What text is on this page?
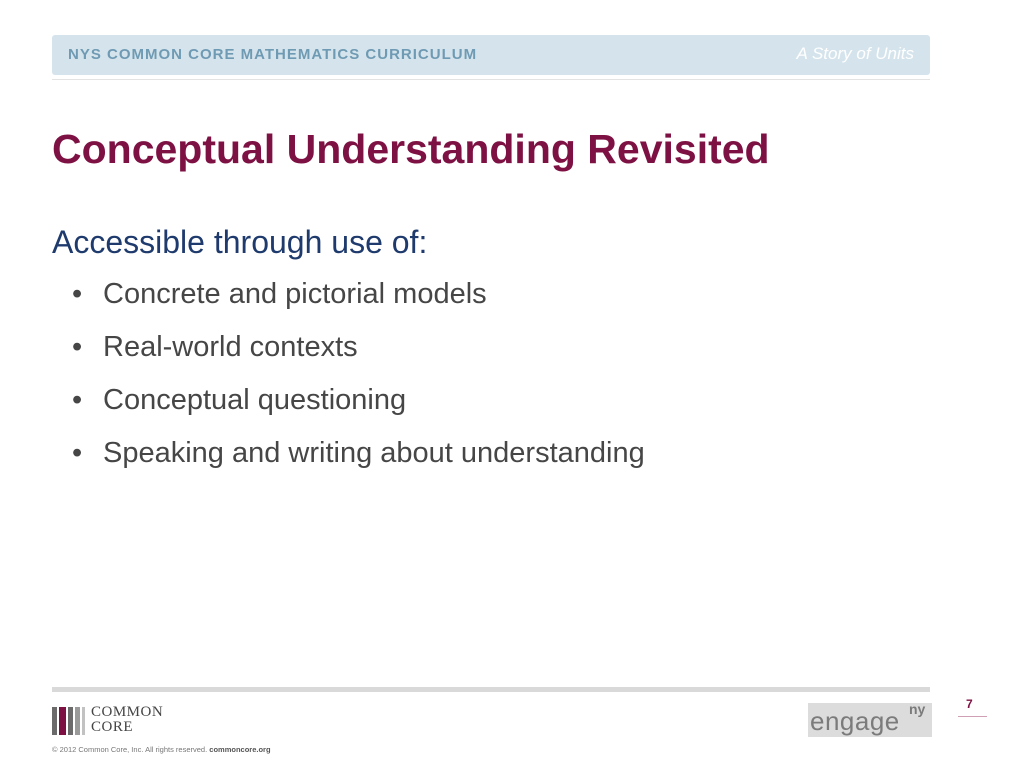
NYS COMMON CORE MATHEMATICS CURRICULUM	A Story of Units
Conceptual Understanding Revisited
Accessible through use of:
• Concrete and pictorial models
• Real-world contexts
• Conceptual questioning
• Speaking and writing about understanding
COMMON
CORE
© 2012 Common Core, Inc. All rights reserved. commoncore.org
engage ny	7
